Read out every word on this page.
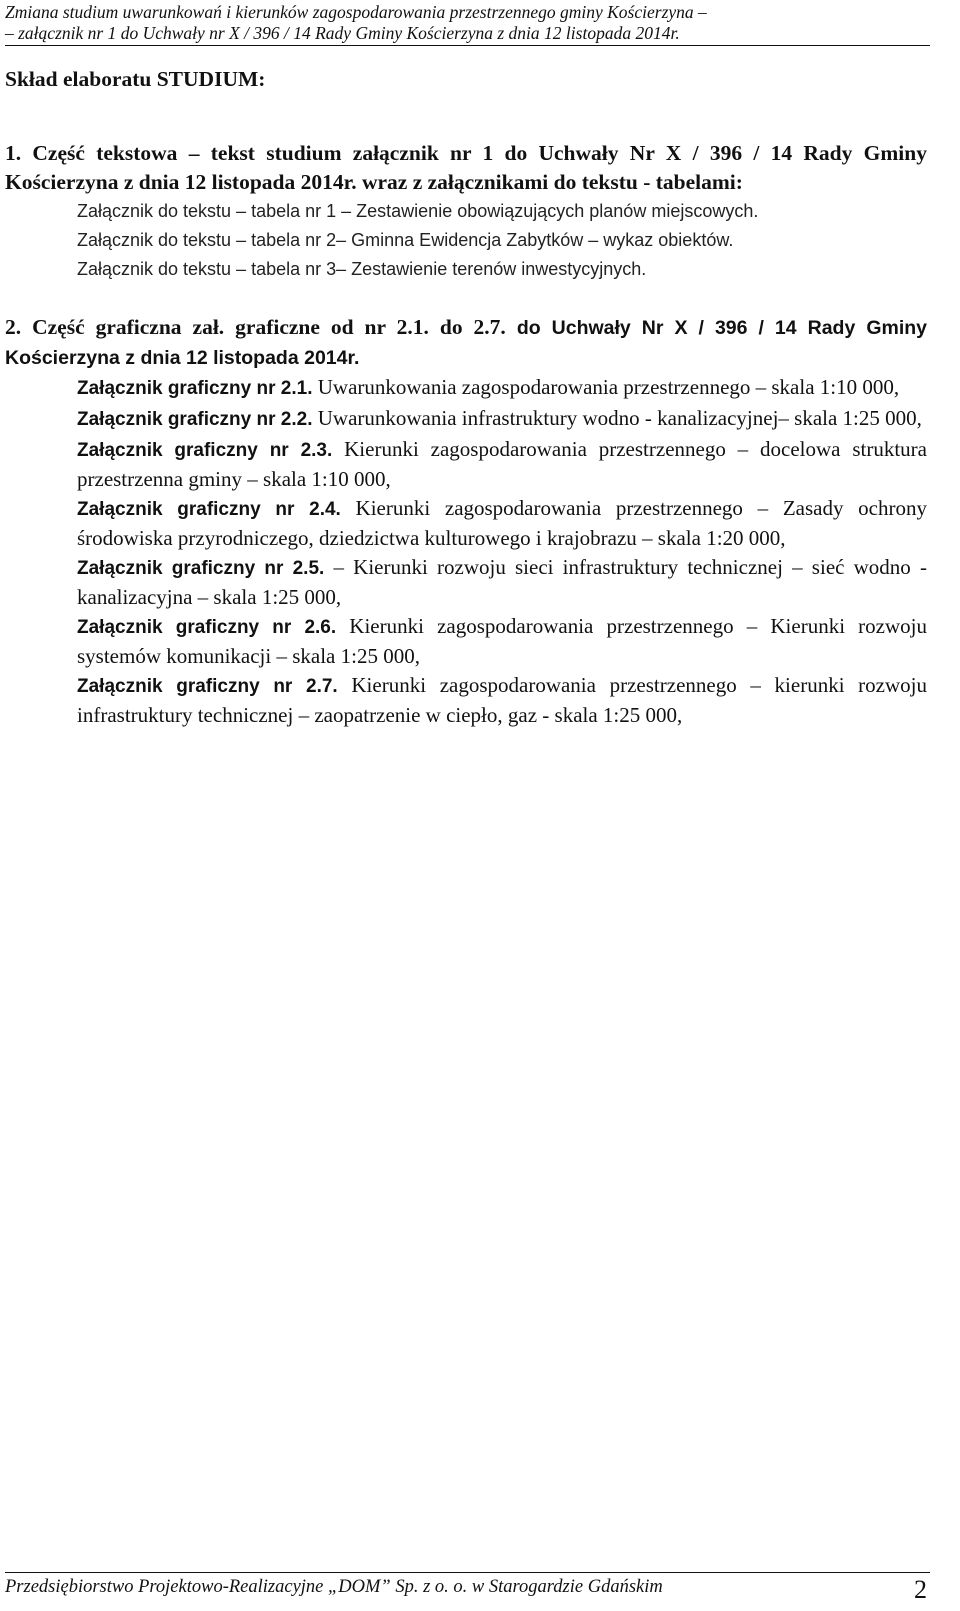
Zmiana studium uwarunkowań i kierunków zagospodarowania przestrzennego gminy Kościerzyna –
– załącznik nr 1 do Uchwały nr X / 396 / 14 Rady Gminy Kościerzyna z dnia 12 listopada 2014r.

Skład elaboratu STUDIUM:

1. Część tekstowa – tekst studium załącznik nr 1 do Uchwały Nr X / 396 / 14 Rady Gminy Kościerzyna z dnia 12 listopada 2014r. wraz z załącznikami do tekstu - tabelami:
Załącznik do tekstu – tabela nr 1 – Zestawienie obowiązujących planów miejscowych.
Załącznik do tekstu – tabela nr 2– Gminna Ewidencja Zabytków – wykaz obiektów.
Załącznik do tekstu – tabela nr 3– Zestawienie terenów inwestycyjnych.
2. Część graficzna zał. graficzne od nr 2.1. do 2.7. do Uchwały Nr X / 396 / 14 Rady Gminy Kościerzyna z dnia 12 listopada 2014r.
Załącznik graficzny nr 2.1. Uwarunkowania zagospodarowania przestrzennego – skala 1:10 000,
Załącznik graficzny nr 2.2. Uwarunkowania infrastruktury wodno - kanalizacyjnej– skala 1:25 000,
Załącznik graficzny nr 2.3. Kierunki zagospodarowania przestrzennego – docelowa struktura przestrzenna gminy – skala 1:10 000,
Załącznik graficzny nr 2.4. Kierunki zagospodarowania przestrzennego – Zasady ochrony środowiska przyrodniczego, dziedzictwa kulturowego i krajobrazu – skala 1:20 000,
Załącznik graficzny nr 2.5. – Kierunki rozwoju sieci infrastruktury technicznej – sieć wodno - kanalizacyjna – skala 1:25 000,
Załącznik graficzny nr 2.6. Kierunki zagospodarowania przestrzennego – Kierunki rozwoju systemów komunikacji – skala 1:25 000,
Załącznik graficzny nr 2.7. Kierunki zagospodarowania przestrzennego – kierunki rozwoju infrastruktury technicznej – zaopatrzenie w ciepło, gaz - skala 1:25 000,
Przedsiębiorstwo Projektowo-Realizacyjne „DOM” Sp. z o. o. w Starogardzie Gdańskim	2
